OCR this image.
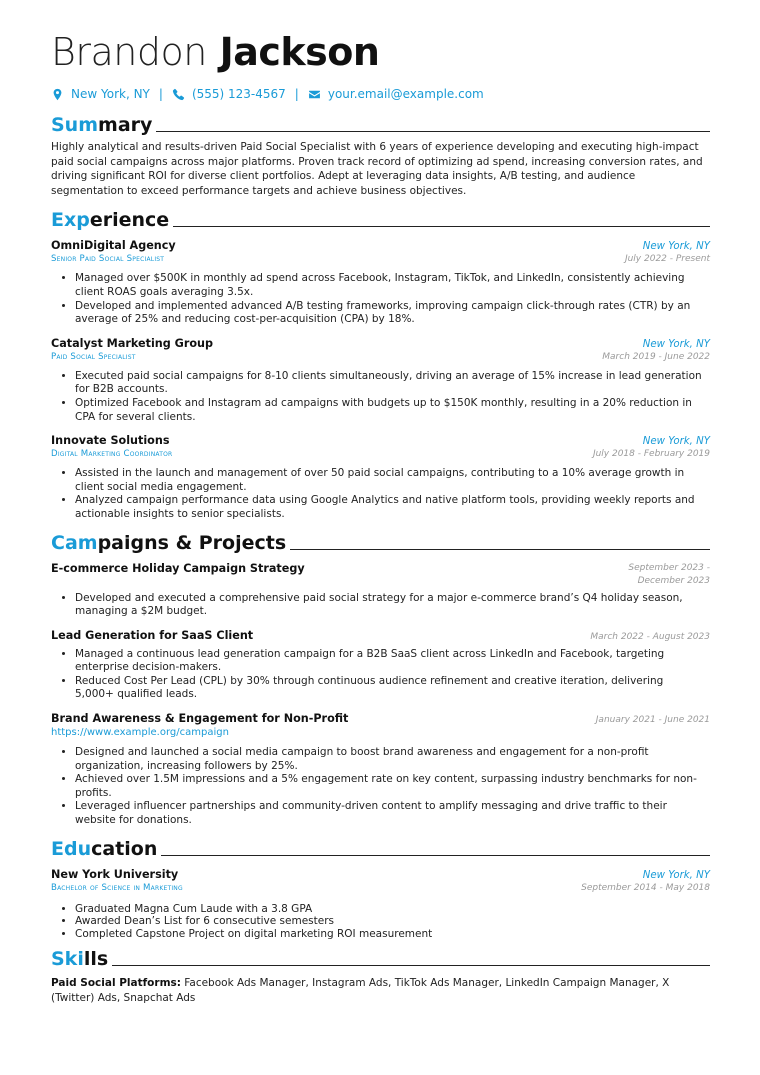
Brandon Jackson
New York, NY | (555) 123-4567 | your.email@example.com
Summary
Highly analytical and results-driven Paid Social Specialist with 6 years of experience developing and executing high-impact paid social campaigns across major platforms. Proven track record of optimizing ad spend, increasing conversion rates, and driving significant ROI for diverse client portfolios. Adept at leveraging data insights, A/B testing, and audience segmentation to exceed performance targets and achieve business objectives.
Experience
OmniDigital Agency	New York, NY
Senior Paid Social Specialist	July 2022 - Present
• Managed over $500K in monthly ad spend across Facebook, Instagram, TikTok, and LinkedIn, consistently achieving client ROAS goals averaging 3.5x.
• Developed and implemented advanced A/B testing frameworks, improving campaign click-through rates (CTR) by an average of 25% and reducing cost-per-acquisition (CPA) by 18%.
Catalyst Marketing Group	New York, NY
Paid Social Specialist	March 2019 - June 2022
• Executed paid social campaigns for 8-10 clients simultaneously, driving an average of 15% increase in lead generation for B2B accounts.
• Optimized Facebook and Instagram ad campaigns with budgets up to $150K monthly, resulting in a 20% reduction in CPA for several clients.
Innovate Solutions	New York, NY
Digital Marketing Coordinator	July 2018 - February 2019
• Assisted in the launch and management of over 50 paid social campaigns, contributing to a 10% average growth in client social media engagement.
• Analyzed campaign performance data using Google Analytics and native platform tools, providing weekly reports and actionable insights to senior specialists.
Campaigns & Projects
E-commerce Holiday Campaign Strategy	September 2023 - December 2023
• Developed and executed a comprehensive paid social strategy for a major e-commerce brand’s Q4 holiday season, managing a $2M budget.
Lead Generation for SaaS Client	March 2022 - August 2023
• Managed a continuous lead generation campaign for a B2B SaaS client across LinkedIn and Facebook, targeting enterprise decision-makers.
• Reduced Cost Per Lead (CPL) by 30% through continuous audience refinement and creative iteration, delivering 5,000+ qualified leads.
Brand Awareness & Engagement for Non-Profit	January 2021 - June 2021
https://www.example.org/campaign
• Designed and launched a social media campaign to boost brand awareness and engagement for a non-profit organization, increasing followers by 25%.
• Achieved over 1.5M impressions and a 5% engagement rate on key content, surpassing industry benchmarks for non-profits.
• Leveraged influencer partnerships and community-driven content to amplify messaging and drive traffic to their website for donations.
Education
New York University	New York, NY
Bachelor of Science in Marketing	September 2014 - May 2018
• Graduated Magna Cum Laude with a 3.8 GPA
• Awarded Dean’s List for 6 consecutive semesters
• Completed Capstone Project on digital marketing ROI measurement
Skills
Paid Social Platforms: Facebook Ads Manager, Instagram Ads, TikTok Ads Manager, LinkedIn Campaign Manager, X (Twitter) Ads, Snapchat Ads
